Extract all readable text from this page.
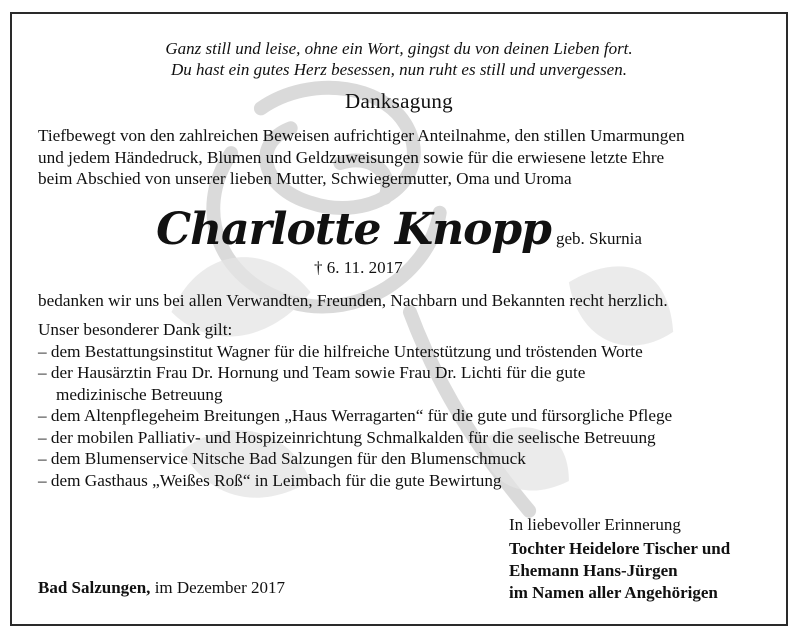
Ganz still und leise, ohne ein Wort, gingst du von deinen Lieben fort.
Du hast ein gutes Herz besessen, nun ruht es still und unvergessen.
Danksagung
Tiefbewegt von den zahlreichen Beweisen aufrichtiger Anteilnahme, den stillen Umarmungen
und jedem Händedruck, Blumen und Geldzuweisungen sowie für die erwiesene letzte Ehre
beim Abschied von unserer lieben Mutter, Schwiegermutter, Oma und Uroma
Charlotte Knopp geb. Skurnia
† 6. 11. 2017
bedanken wir uns bei allen Verwandten, Freunden, Nachbarn und Bekannten recht herzlich.
Unser besonderer Dank gilt:
– dem Bestattungsinstitut Wagner für die hilfreiche Unterstützung und tröstenden Worte
– der Hausärztin Frau Dr. Hornung und Team sowie Frau Dr. Lichti für die gute
medizinische Betreuung
– dem Altenpflegeheim Breitungen „Haus Werragarten“ für die gute und fürsorgliche Pflege
– der mobilen Palliativ- und Hospizeinrichtung Schmalkalden für die seelische Betreuung
– dem Blumenservice Nitsche Bad Salzungen für den Blumenschmuck
– dem Gasthaus „Weißes Roß“ in Leimbach für die gute Bewirtung
In liebevoller Erinnerung
Tochter Heidelore Tischer und
Ehemann Hans-Jürgen
im Namen aller Angehörigen
Bad Salzungen, im Dezember 2017
